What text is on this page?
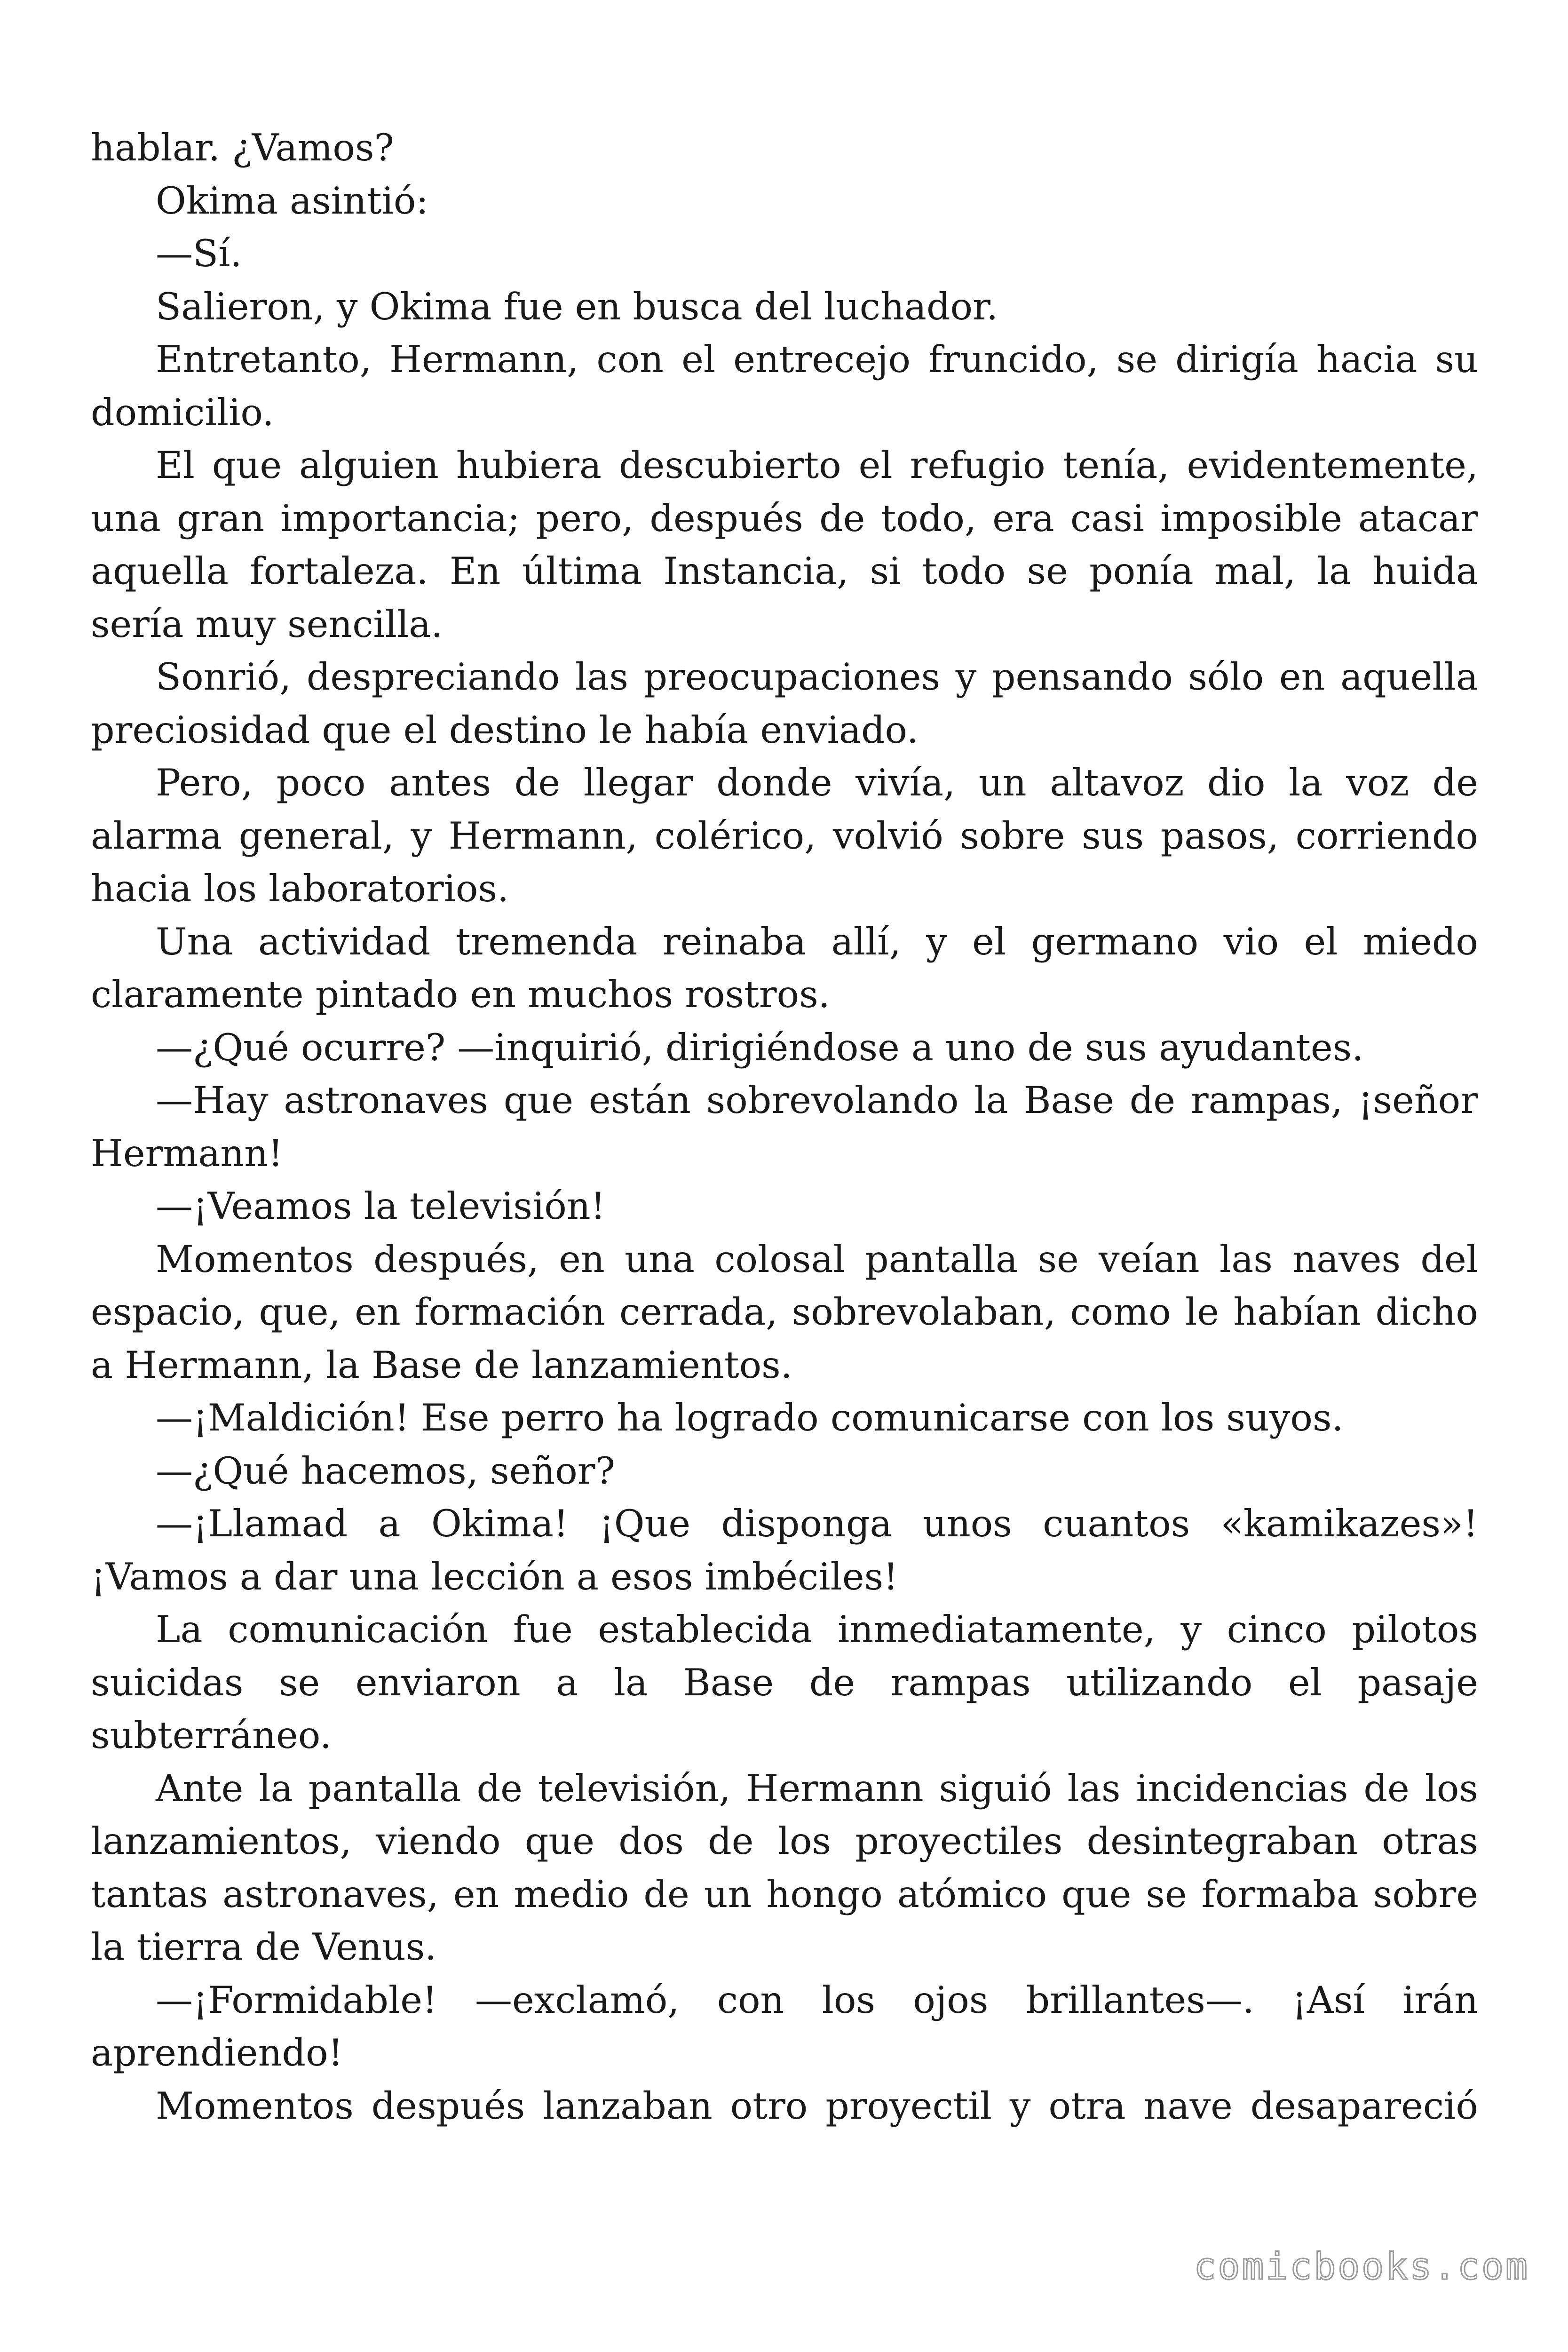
hablar. ¿Vamos?

Okima asintió:

—Sí.

Salieron, y Okima fue en busca del luchador.

Entretanto, Hermann, con el entrecejo fruncido, se dirigía hacia su domicilio.

El que alguien hubiera descubierto el refugio tenía, evidentemente, una gran importancia; pero, después de todo, era casi imposible atacar aquella fortaleza. En última Instancia, si todo se ponía mal, la huida sería muy sencilla.

Sonrió, despreciando las preocupaciones y pensando sólo en aquella preciosidad que el destino le había enviado.

Pero, poco antes de llegar donde vivía, un altavoz dio la voz de alarma general, y Hermann, colérico, volvió sobre sus pasos, corriendo hacia los laboratorios.

Una actividad tremenda reinaba allí, y el germano vio el miedo claramente pintado en muchos rostros.

—¿Qué ocurre? —inquirió, dirigiéndose a uno de sus ayudantes.

—Hay astronaves que están sobrevolando la Base de rampas, ¡señor Hermann!

—¡Veamos la televisión!

Momentos después, en una colosal pantalla se veían las naves del espacio, que, en formación cerrada, sobrevolaban, como le habían dicho a Hermann, la Base de lanzamientos.

—¡Maldición! Ese perro ha logrado comunicarse con los suyos.

—¿Qué hacemos, señor?

—¡Llamad a Okima! ¡Que disponga unos cuantos «kamikazes»! ¡Vamos a dar una lección a esos imbéciles!

La comunicación fue establecida inmediatamente, y cinco pilotos suicidas se enviaron a la Base de rampas utilizando el pasaje subterráneo.

Ante la pantalla de televisión, Hermann siguió las incidencias de los lanzamientos, viendo que dos de los proyectiles desintegraban otras tantas astronaves, en medio de un hongo atómico que se formaba sobre la tierra de Venus.

—¡Formidable! —exclamó, con los ojos brillantes—. ¡Así irán aprendiendo!

Momentos después lanzaban otro proyectil y otra nave desapareció

comicbooks.com
